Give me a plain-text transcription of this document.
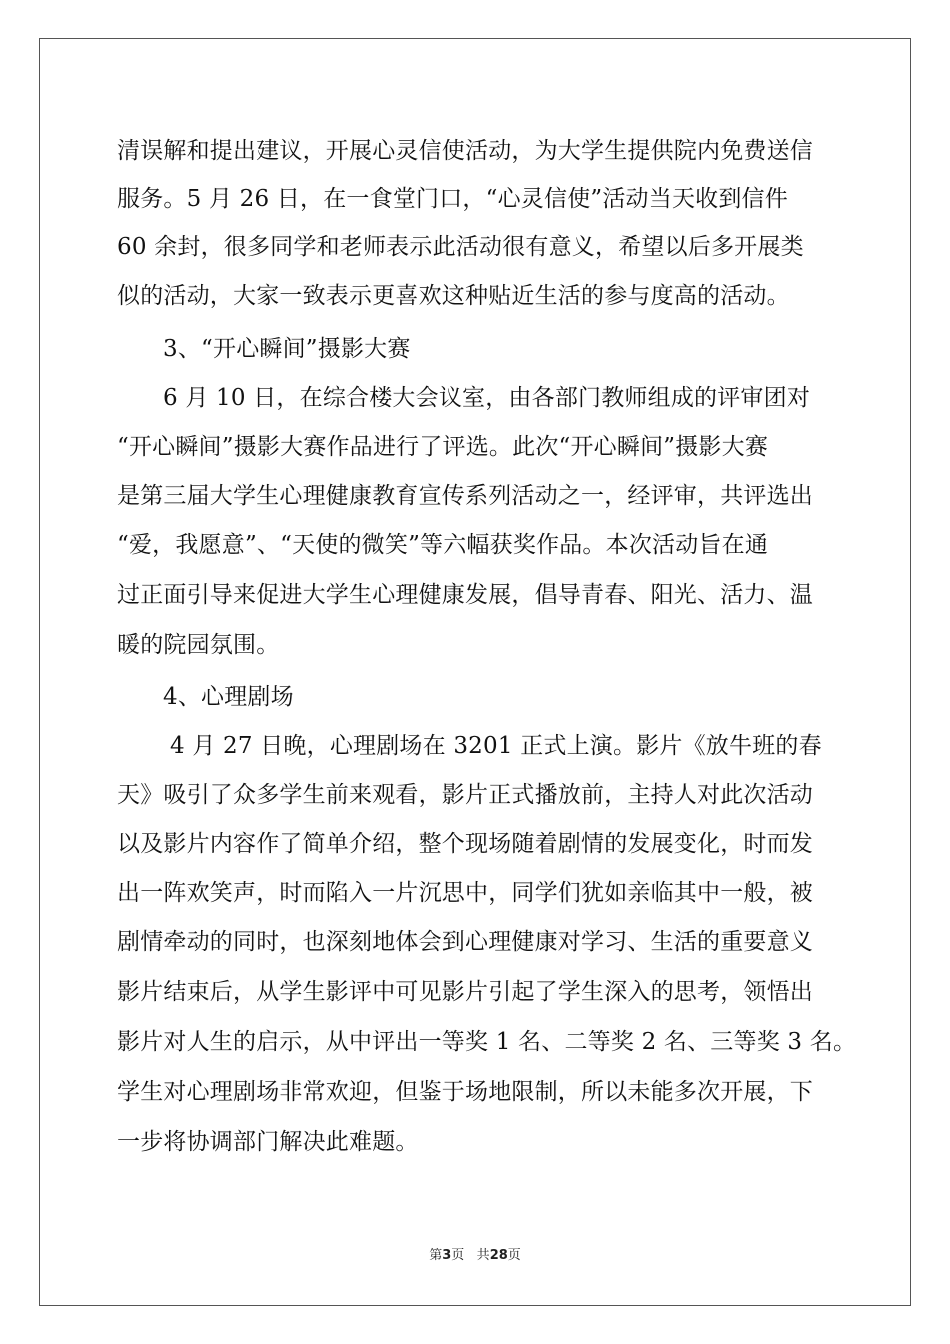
清误解和提出建议，开展心灵信使活动，为大学生提供院内免费送信
服务。5 月 26 日，在一食堂门口，“心灵信使”活动当天收到信件
60 余封，很多同学和老师表示此活动很有意义，希望以后多开展类
似的活动，大家一致表示更喜欢这种贴近生活的参与度高的活动。
3、“开心瞬间”摄影大赛
6 月 10 日，在综合楼大会议室，由各部门教师组成的评审团对
“开心瞬间”摄影大赛作品进行了评选。此次“开心瞬间”摄影大赛
是第三届大学生心理健康教育宣传系列活动之一，经评审，共评选出
“爱，我愿意”、“天使的微笑”等六幅获奖作品。本次活动旨在通
过正面引导来促进大学生心理健康发展，倡导青春、阳光、活力、温
暖的院园氛围。
4、心理剧场
4 月 27 日晚，心理剧场在 3201 正式上演。影片《放牛班的春
天》吸引了众多学生前来观看，影片正式播放前，主持人对此次活动
以及影片内容作了简单介绍，整个现场随着剧情的发展变化，时而发
出一阵欢笑声，时而陷入一片沉思中，同学们犹如亲临其中一般，被
剧情牵动的同时，也深刻地体会到心理健康对学习、生活的重要意义
影片结束后，从学生影评中可见影片引起了学生深入的思考，领悟出
影片对人生的启示，从中评出一等奖 1 名、二等奖 2 名、三等奖 3 名。
学生对心理剧场非常欢迎，但鉴于场地限制，所以未能多次开展，下
一步将协调部门解决此难题。
第3页 共28页
